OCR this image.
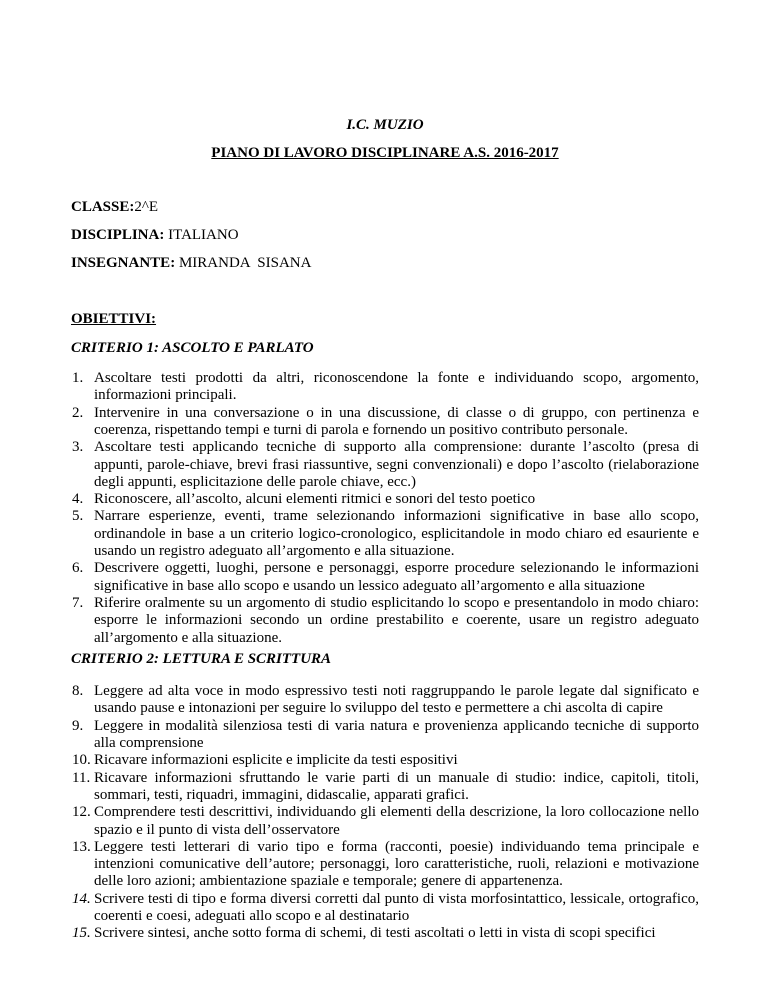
I.C. MUZIO

PIANO DI LAVORO DISCIPLINARE A.S. 2016-2017

CLASSE:2^E

DISCIPLINA: ITALIANO

INSEGNANTE: MIRANDA  SISANA

OBIETTIVI:

CRITERIO 1: ASCOLTO E PARLATO

1. Ascoltare testi prodotti da altri, riconoscendone la fonte e individuando scopo, argomento, informazioni principali.
2. Intervenire in una conversazione o in una discussione, di classe o di gruppo, con pertinenza e coerenza, rispettando tempi e turni di parola e fornendo un positivo contributo personale.
3. Ascoltare testi applicando tecniche di supporto alla comprensione: durante l’ascolto (presa di appunti, parole-chiave, brevi frasi riassuntive, segni convenzionali) e dopo l’ascolto (rielaborazione degli appunti, esplicitazione delle parole chiave, ecc.)
4. Riconoscere, all’ascolto, alcuni elementi ritmici e sonori del testo poetico
5. Narrare esperienze, eventi, trame selezionando informazioni significative in base allo scopo, ordinandole in base a un criterio logico-cronologico, esplicitandole in modo chiaro ed esauriente e usando un registro adeguato all’argomento e alla situazione.
6. Descrivere oggetti, luoghi, persone e personaggi, esporre procedure selezionando le informazioni significative in base allo scopo e usando un lessico adeguato all’argomento e alla situazione
7. Riferire oralmente su un argomento di studio esplicitando lo scopo e presentandolo in modo chiaro: esporre le informazioni secondo un ordine prestabilito e coerente, usare un registro adeguato all’argomento e alla situazione.

CRITERIO 2: LETTURA E SCRITTURA

8. Leggere ad alta voce in modo espressivo testi noti raggruppando le parole legate dal significato e usando pause e intonazioni per seguire lo sviluppo del testo e permettere a chi ascolta di capire
9. Leggere in modalità silenziosa testi di varia natura e provenienza applicando tecniche di supporto alla comprensione
10. Ricavare informazioni esplicite e implicite da testi espositivi
11. Ricavare informazioni sfruttando le varie parti di un manuale di studio: indice, capitoli, titoli, sommari, testi, riquadri, immagini, didascalie, apparati grafici.
12. Comprendere testi descrittivi, individuando gli elementi della descrizione, la loro collocazione nello spazio e il punto di vista dell’osservatore
13. Leggere testi letterari di vario tipo e forma (racconti, poesie) individuando tema principale e intenzioni comunicative dell’autore; personaggi, loro caratteristiche, ruoli, relazioni e motivazione delle loro azioni; ambientazione spaziale e temporale; genere di appartenenza.
14. Scrivere testi di tipo e forma diversi corretti dal punto di vista morfosintattico, lessicale, ortografico, coerenti e coesi, adeguati allo scopo e al destinatario
15. Scrivere sintesi, anche sotto forma di schemi, di testi ascoltati o letti in vista di scopi specifici
